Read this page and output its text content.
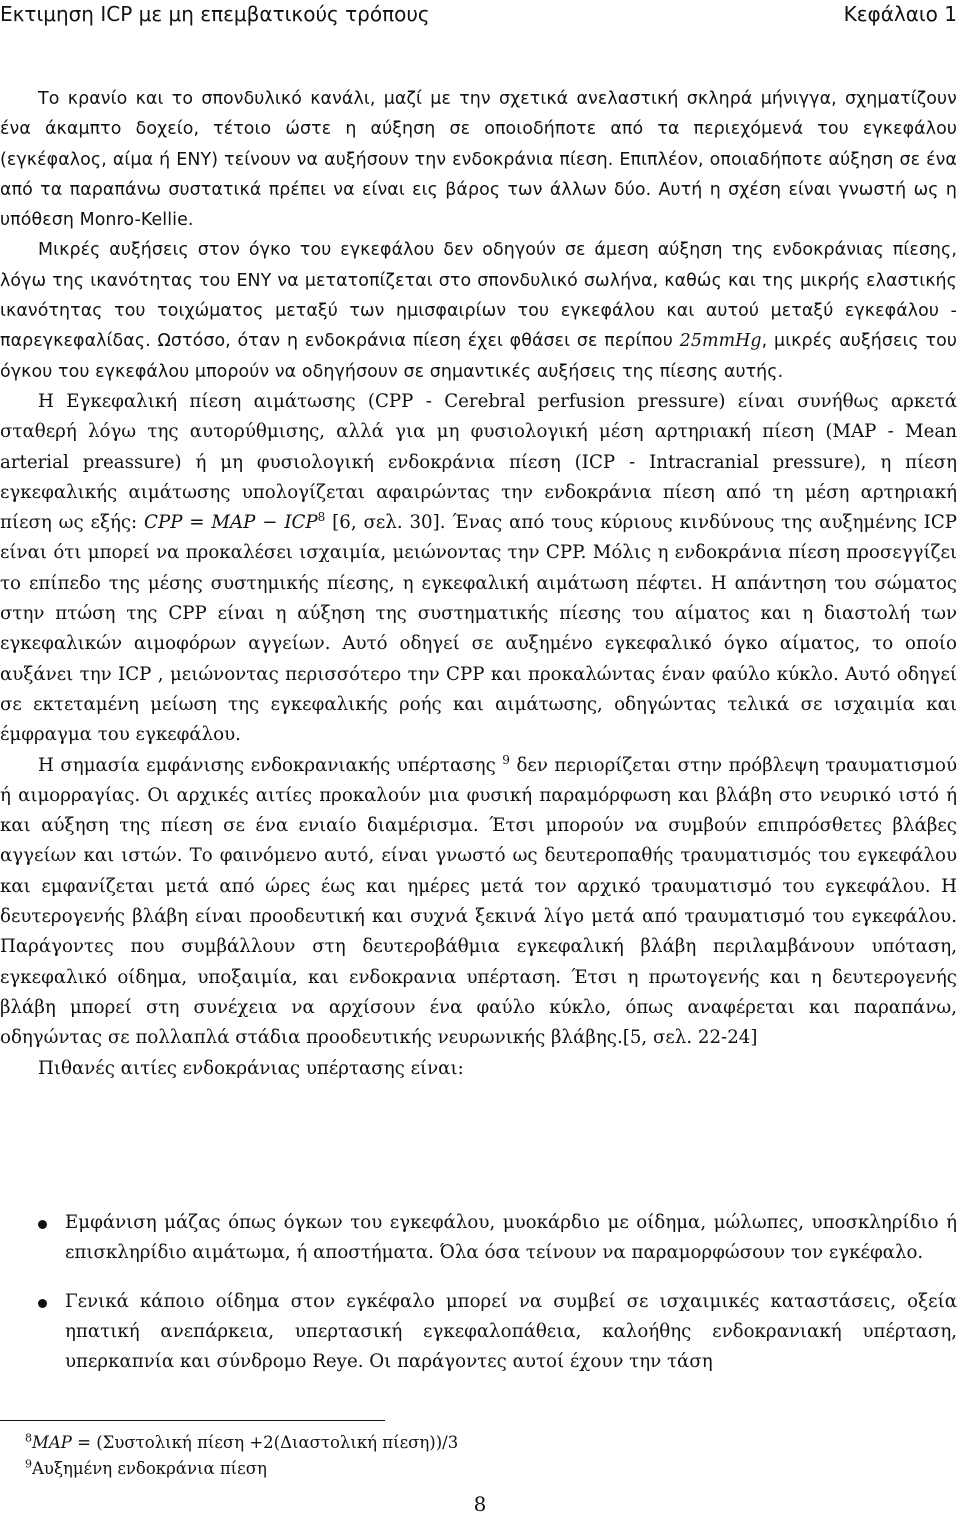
Εκτιμηση ICP με μη επεμβατικούς τρόπους	Κεφάλαιο 1

Το κρανίο και το σπονδυλικό κανάλι, μαζί με την σχετικά ανελαστική σκληρά μήνιγγα, σχηματίζουν ένα άκαμπτο δοχείο, τέτοιο ώστε η αύξηση σε οποιοδήποτε από τα περιεχόμενά του εγκεφάλου (εγκέφαλος, αίμα ή ΕΝΥ) τείνουν να αυξήσουν την ενδοκράνια πίεση. Επιπλέον, οποιαδήποτε αύξηση σε ένα από τα παραπάνω συστατικά πρέπει να είναι εις βάρος των άλλων δύο. Αυτή η σχέση είναι γνωστή ως η υπόθεση Monro-Kellie.

Μικρές αυξήσεις στον όγκο του εγκεφάλου δεν οδηγούν σε άμεση αύξηση της ενδοκράνιας πίεσης, λόγω της ικανότητας του ΕΝΥ να μετατοπίζεται στο σπονδυλικό σωλήνα, καθώς και της μικρής ελαστικής ικανότητας του τοιχώματος μεταξύ των ημισφαιρίων του εγκεφάλου και αυτού μεταξύ εγκεφάλου - παρεγκεφαλίδας. Ωστόσο, όταν η ενδοκράνια πίεση έχει φθάσει σε περίπου 25mmHg, μικρές αυξήσεις του όγκου του εγκεφάλου μπορούν να οδηγήσουν σε σημαντικές αυξήσεις της πίεσης αυτής.

Η Εγκεφαλική πίεση αιμάτωσης (CPP - Cerebral perfusion pressure) είναι συνήθως αρκετά σταθερή λόγω της αυτορύθμισης, αλλά για μη φυσιολογική μέση αρτηριακή πίεση (MAP - Mean arterial preassure) ή μη φυσιολογική ενδοκράνια πίεση (ICP - Intracranial pressure), η πίεση εγκεφαλικής αιμάτωσης υπολογίζεται αφαιρώντας την ενδοκράνια πίεση από τη μέση αρτηριακή πίεση ως εξής: CPP = MAP − $ICP^8$ [6, σελ. 30]. Ένας από τους κύριους κινδύνους της αυξημένης ICP είναι ότι μπορεί να προκαλέσει ισχαιμία, μειώνοντας την CPP. Μόλις η ενδοκράνια πίεση προσεγγίζει το επίπεδο της μέσης συστημικής πίεσης, η εγκεφαλική αιμάτωση πέφτει. Η απάντηση του σώματος στην πτώση της CPP είναι η αύξηση της συστηματικής πίεσης του αίματος και η διαστολή των εγκεφαλικών αιμοφόρων αγγείων. Αυτό οδηγεί σε αυξημένο εγκεφαλικό όγκο αίματος, το οποίο αυξάνει την ICP , μειώνοντας περισσότερο την CPP και προκαλώντας έναν φαύλο κύκλο. Αυτό οδηγεί σε εκτεταμένη μείωση της εγκεφαλικής ροής και αιμάτωσης, οδηγώντας τελικά σε ισχαιμία και έμφραγμα του εγκεφάλου.

Η σημασία εμφάνισης ενδοκρανιακής υπέρτασης $^9$ δεν περιορίζεται στην πρόβλεψη τραυματισμού ή αιμορραγίας. Οι αρχικές αιτίες προκαλούν μια φυσική παραμόρφωση και βλάβη στο νευρικό ιστό ή και αύξηση της πίεση σε ένα ενιαίο διαμέρισμα. Έτσι μπορούν να συμβούν επιπρόσθετες βλάβες αγγείων και ιστών. Το φαινόμενο αυτό, είναι γνωστό ως δευτεροπαθής τραυματισμός του εγκεφάλου και εμφανίζεται μετά από ώρες έως και ημέρες μετά τον αρχικό τραυματισμό του εγκεφάλου. Η δευτερογενής βλάβη είναι προοδευτική και συχνά ξεκινά λίγο μετά από τραυματισμό του εγκεφάλου. Παράγοντες που συμβάλλουν στη δευτεροβάθμια εγκεφαλική βλάβη περιλαμβάνουν υπόταση, εγκεφαλικό οίδημα, υποξαιμία, και ενδοκρανια υπέρταση. Έτσι η πρωτογενής και η δευτερογενής βλάβη μπορεί στη συνέχεια να αρχίσουν ένα φαύλο κύκλο, όπως αναφέρεται και παραπάνω, οδηγώντας σε πολλαπλά στάδια προοδευτικής νευρωνικής βλάβης.[5, σελ. 22-24]

Πιθανές αιτίες ενδοκράνιας υπέρτασης είναι:

Εμφάνιση μάζας όπως όγκων του εγκεφάλου, μυοκάρδιο με οίδημα, μώλωπες, υποσκληρίδιο ή επισκληρίδιο αιμάτωμα, ή αποστήματα. Όλα όσα τείνουν να παραμορφώσουν τον εγκέφαλο.
Γενικά κάποιο οίδημα στον εγκέφαλο μπορεί να συμβεί σε ισχαιμικές καταστάσεις, οξεία ηπατική ανεπάρκεια, υπερτασική εγκεφαλοπάθεια, καλοήθης ενδοκρανιακή υπέρταση, υπερκαπνία και σύνδρομο Reye. Οι παράγοντες αυτοί έχουν την τάση
$^8$MAP = (Συστολική πίεση +2(Διαστολική πίεση))/3
$^9$Αυξημένη ενδοκράνια πίεση
8
